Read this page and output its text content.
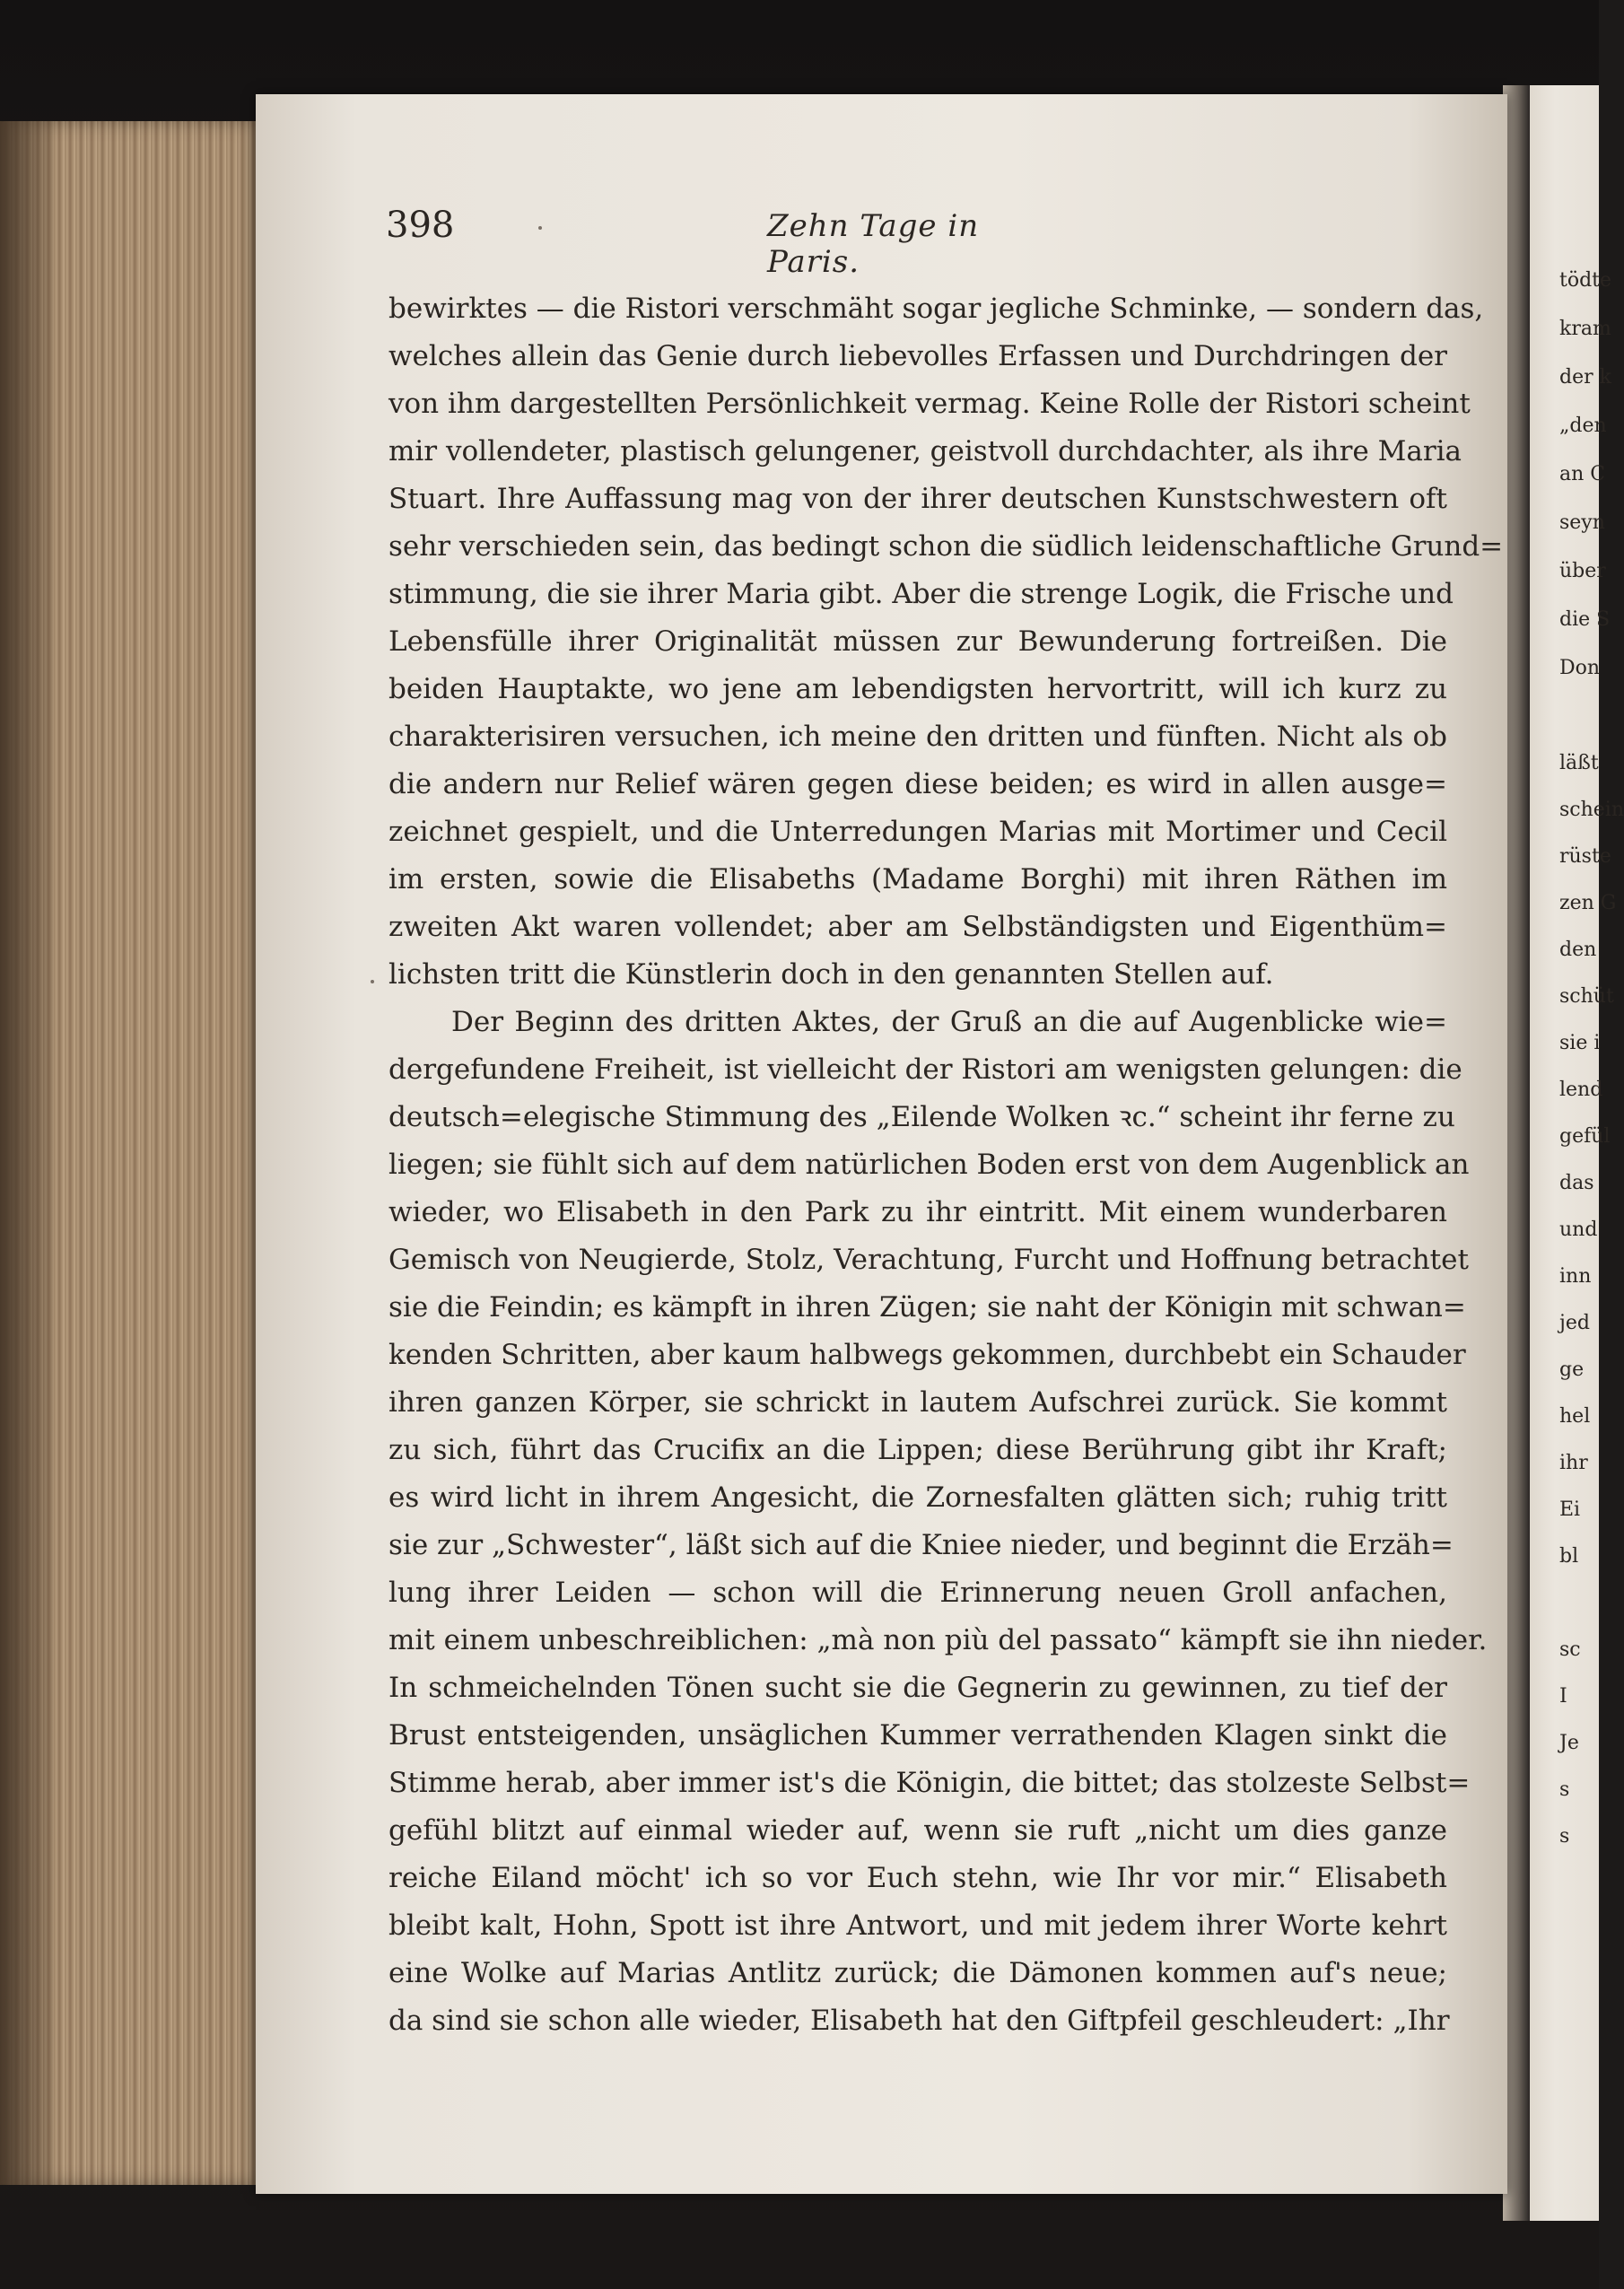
398	Zehn Tage in Paris.
bewirktes — die Ristori verschmäht sogar jegliche Schminke, — sondern das,
welches allein das Genie durch liebevolles Erfassen und Durchdringen der
von ihm dargestellten Persönlichkeit vermag. Keine Rolle der Ristori scheint
mir vollendeter, plastisch gelungener, geistvoll durchdachter, als ihre Maria
Stuart. Ihre Auffassung mag von der ihrer deutschen Kunstschwestern oft
sehr verschieden sein, das bedingt schon die südlich leidenschaftliche Grund=
stimmung, die sie ihrer Maria gibt. Aber die strenge Logik, die Frische und
Lebensfülle ihrer Originalität müssen zur Bewunderung fortreißen. Die
beiden Hauptakte, wo jene am lebendigsten hervortritt, will ich kurz zu
charakterisiren versuchen, ich meine den dritten und fünften. Nicht als ob
die andern nur Relief wären gegen diese beiden; es wird in allen ausge=
zeichnet gespielt, und die Unterredungen Marias mit Mortimer und Cecil
im ersten, sowie die Elisabeths (Madame Borghi) mit ihren Räthen im
zweiten Akt waren vollendet; aber am Selbständigsten und Eigenthüm=
lichsten tritt die Künstlerin doch in den genannten Stellen auf.
Der Beginn des dritten Aktes, der Gruß an die auf Augenblicke wie=
dergefundene Freiheit, ist vielleicht der Ristori am wenigsten gelungen: die
deutsch=elegische Stimmung des „Eilende Wolken ꝛc.“ scheint ihr ferne zu
liegen; sie fühlt sich auf dem natürlichen Boden erst von dem Augenblick an
wieder, wo Elisabeth in den Park zu ihr eintritt. Mit einem wunderbaren
Gemisch von Neugierde, Stolz, Verachtung, Furcht und Hoffnung betrachtet
sie die Feindin; es kämpft in ihren Zügen; sie naht der Königin mit schwan=
kenden Schritten, aber kaum halbwegs gekommen, durchbebt ein Schauder
ihren ganzen Körper, sie schrickt in lautem Aufschrei zurück. Sie kommt
zu sich, führt das Crucifix an die Lippen; diese Berührung gibt ihr Kraft;
es wird licht in ihrem Angesicht, die Zornesfalten glätten sich; ruhig tritt
sie zur „Schwester“, läßt sich auf die Kniee nieder, und beginnt die Erzäh=
lung ihrer Leiden — schon will die Erinnerung neuen Groll anfachen,
mit einem unbeschreiblichen: „mà non più del passato“ kämpft sie ihn nieder.
In schmeichelnden Tönen sucht sie die Gegnerin zu gewinnen, zu tief der
Brust entsteigenden, unsäglichen Kummer verrathenden Klagen sinkt die
Stimme herab, aber immer ist's die Königin, die bittet; das stolzeste Selbst=
gefühl blitzt auf einmal wieder auf, wenn sie ruft „nicht um dies ganze
reiche Eiland möcht' ich so vor Euch stehn, wie Ihr vor mir.“ Elisabeth
bleibt kalt, Hohn, Spott ist ihre Antwort, und mit jedem ihrer Worte kehrt
eine Wolke auf Marias Antlitz zurück; die Dämonen kommen auf's neue;
da sind sie schon alle wieder, Elisabeth hat den Giftpfeil geschleudert: „Ihr
tödte
kram
der k
„den
an C
seyn
über
die S
Don
läßt
schein
rüste
zen G
den
schüt
sie i
lend
gefül
das
und
inn
jed
ge
hel
ihr
Ei
bl
sc
I
Je
s
s
